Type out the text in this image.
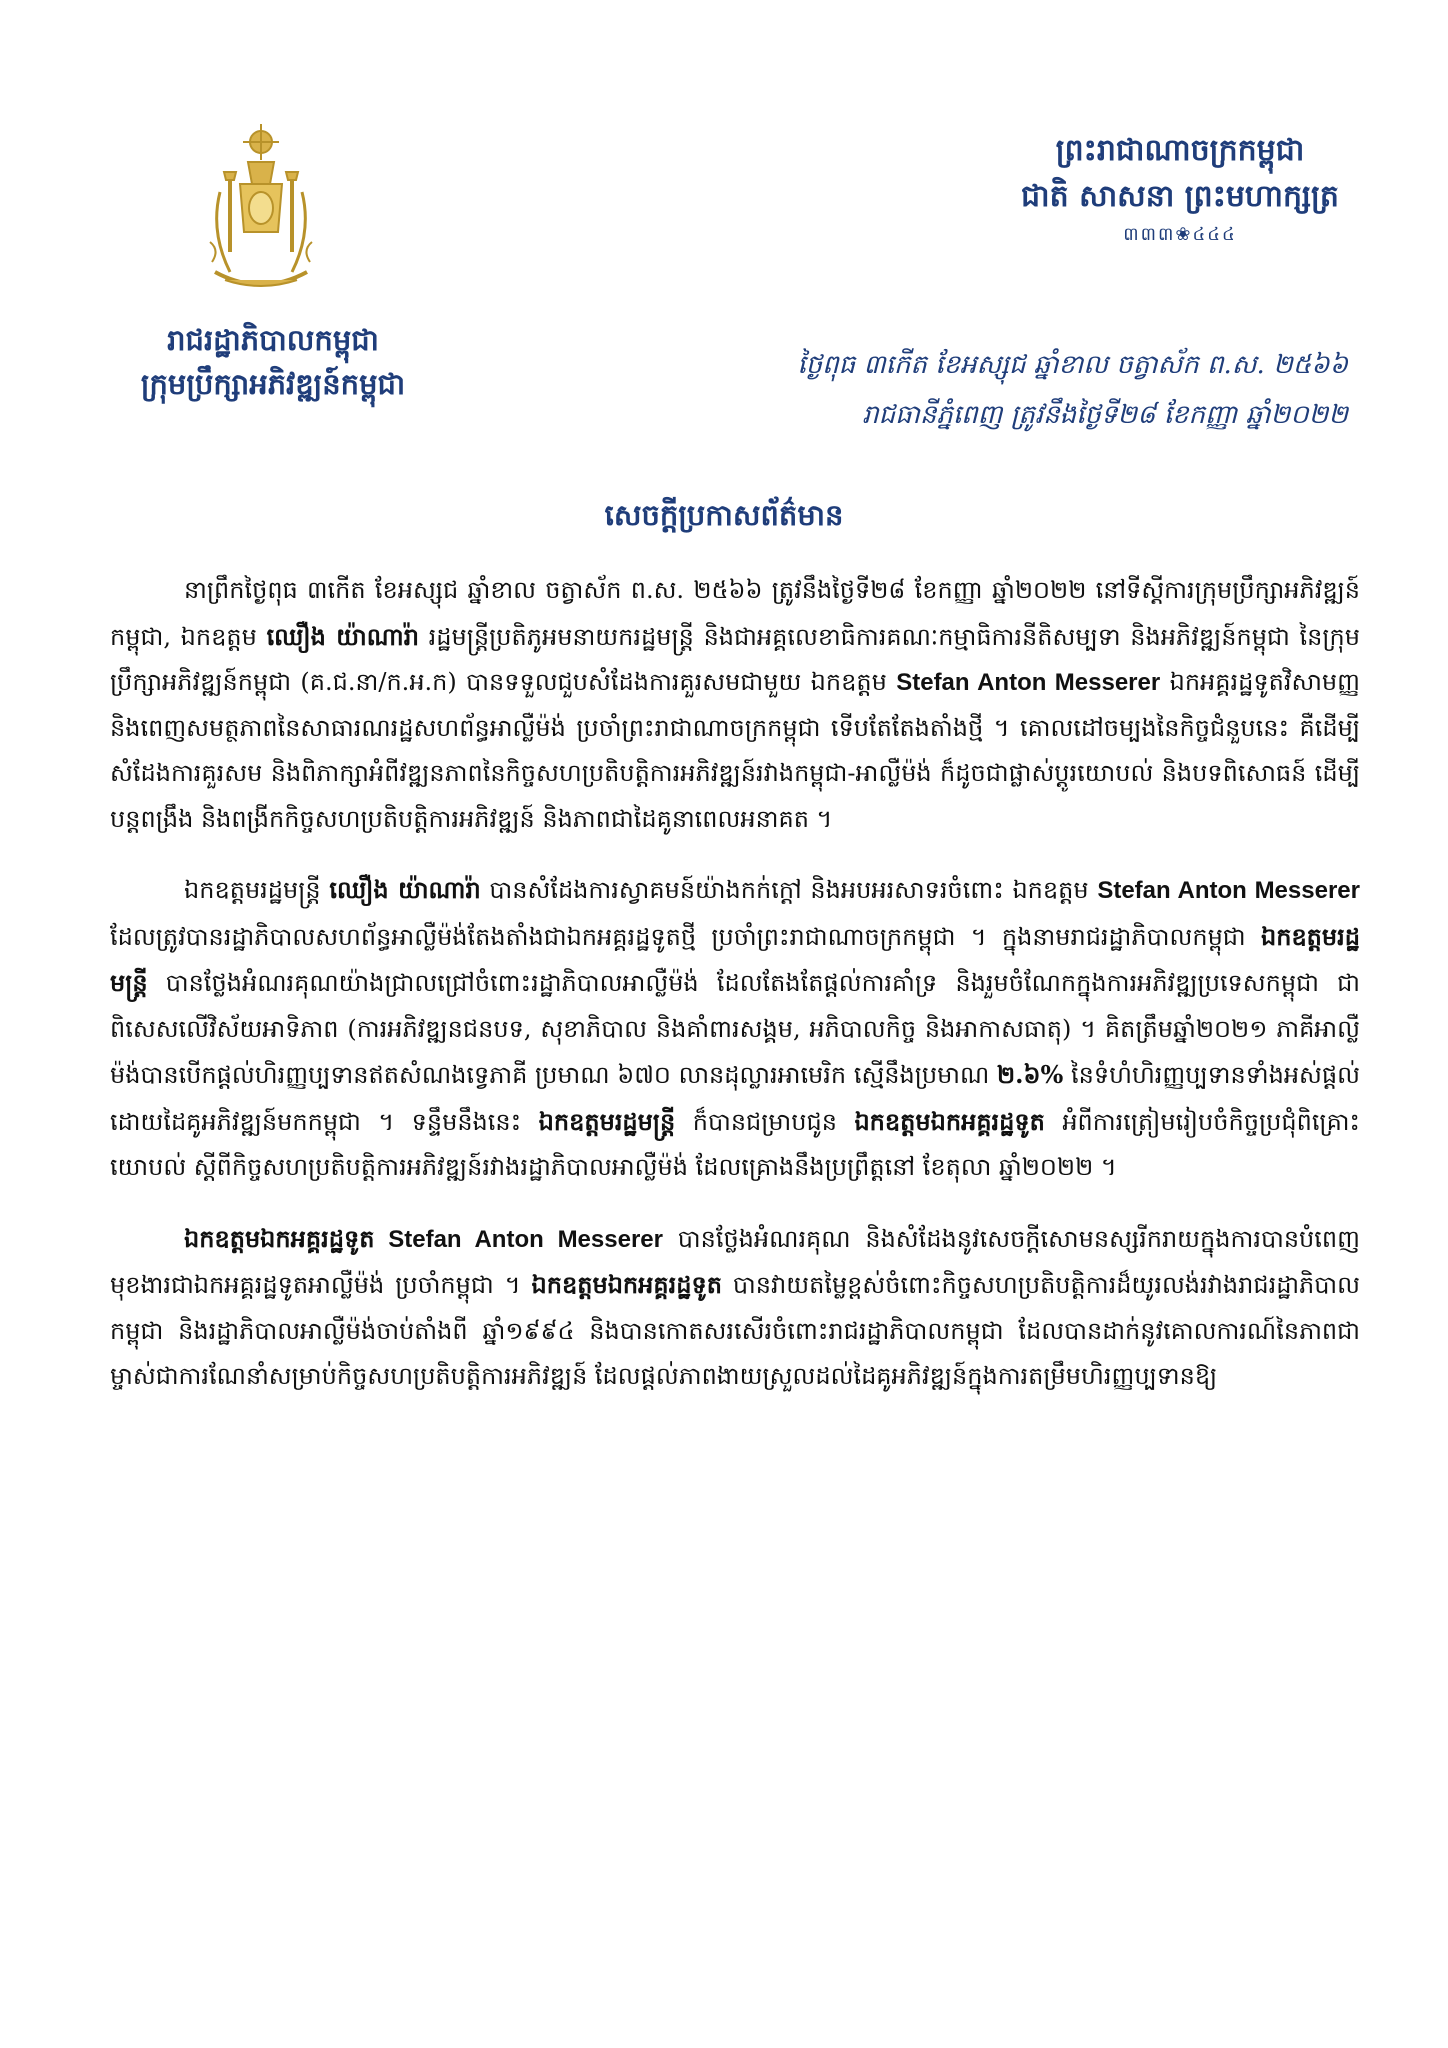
ព្រះរាជាណាចក្រកម្ពុជា
ជាតិ សាសនា ព្រះមហាក្សត្រ
៣៣៣❀៤៤៤
រាជរដ្ឋាភិបាលកម្ពុជា
ក្រុមប្រឹក្សាអភិវឌ្ឍន៍កម្ពុជា
ថ្ងៃពុធ ៣កើត ខែអស្សុជ ឆ្នាំខាល ចត្វាស័ក ព.ស. ២៥៦៦
រាជធានីភ្នំពេញ ត្រូវនឹងថ្ងៃទី២៨ ខែកញ្ញា ឆ្នាំ២០២២
សេចក្តីប្រកាសព័ត៌មាន

នាព្រឹកថ្ងៃពុធ ៣កើត ខែអស្សុជ ឆ្នាំខាល ចត្វាស័ក ព.ស. ២៥៦៦ ត្រូវនឹងថ្ងៃទី២៨ ខែកញ្ញា ឆ្នាំ២០២២ នៅទីស្តីការក្រុមប្រឹក្សាអភិវឌ្ឍន៍កម្ពុជា, ឯកឧត្តម ឈឿង យ៉ាណារ៉ា រដ្ឋមន្ត្រីប្រតិភូអមនាយករដ្ឋមន្ត្រី និងជាអគ្គលេខាធិការគណៈកម្មាធិការនីតិសម្បទា និងអភិវឌ្ឍន៍កម្ពុជា នៃក្រុមប្រឹក្សាអភិវឌ្ឍន៍កម្ពុជា (គ.ជ.នា/ក.អ.ក) បានទទួលជួបសំដែងការគួរសមជាមួយ ឯកឧត្តម Stefan Anton Messerer ឯកអគ្គរដ្ឋទូតវិសាមញ្ញ និងពេញសមត្ថភាពនៃសាធារណរដ្ឋសហព័ន្ធអាល្លឺម៉ង់ ប្រចាំព្រះរាជាណាចក្រកម្ពុជា ទើបតែតែងតាំងថ្មី ។ គោលដៅចម្បងនៃកិច្ចជំនួបនេះ គឺដើម្បីសំដែងការគួរសម និងពិភាក្សាអំពីវឌ្ឍនភាពនៃកិច្ចសហប្រតិបត្តិការអភិវឌ្ឍន៍រវាងកម្ពុជា-អាល្លឺម៉ង់ ក៏ដូចជាផ្លាស់ប្តូរយោបល់ និងបទពិសោធន៍ ដើម្បីបន្តពង្រឹង និងពង្រីកកិច្ចសហប្រតិបត្តិការអភិវឌ្ឍន៍ និងភាពជាដៃគូនាពេលអនាគត ។

ឯកឧត្តមរដ្ឋមន្ត្រី ឈឿង យ៉ាណារ៉ា បានសំដែងការស្វាគមន៍យ៉ាងកក់ក្តៅ និងអបអរសាទរចំពោះ ឯកឧត្តម Stefan Anton Messerer ដែលត្រូវបានរដ្ឋាភិបាលសហព័ន្ធអាល្លឺម៉ង់តែងតាំងជាឯកអគ្គរដ្ឋទូតថ្មី ប្រចាំព្រះរាជាណាចក្រកម្ពុជា ។ ក្នុងនាមរាជរដ្ឋាភិបាលកម្ពុជា ឯកឧត្តមរដ្ឋមន្ត្រី បានថ្លែងអំណរគុណយ៉ាងជ្រាលជ្រៅចំពោះរដ្ឋាភិបាលអាល្លឺម៉ង់ ដែលតែងតែផ្តល់ការគាំទ្រ និងរួមចំណែកក្នុងការអភិវឌ្ឍប្រទេសកម្ពុជា ជាពិសេសលើវិស័យអាទិភាព (ការអភិវឌ្ឍនជនបទ, សុខាភិបាល និងគាំពារសង្គម, អភិបាលកិច្ច និងអាកាសធាតុ) ។ គិតត្រឹមឆ្នាំ២០២១ ភាគីអាល្លឺម៉ង់បានបើកផ្តល់ហិរញ្ញប្បទានឥតសំណងទ្វេភាគី ប្រមាណ ៦៧០ លានដុល្លារអាមេរិក ស្មើនឹងប្រមាណ ២.៦% នៃទំហំហិរញ្ញប្បទានទាំងអស់ផ្តល់ដោយដៃគូអភិវឌ្ឍន៍មកកម្ពុជា ។ ទន្ទឹមនឹងនេះ ឯកឧត្តមរដ្ឋមន្ត្រី ក៏បានជម្រាបជូន ឯកឧត្តមឯកអគ្គរដ្ឋទូត អំពីការត្រៀមរៀបចំកិច្ចប្រជុំពិគ្រោះយោបល់ ស្តីពីកិច្ចសហប្រតិបត្តិការអភិវឌ្ឍន៍រវាងរដ្ឋាភិបាលអាល្លឺម៉ង់ ដែលគ្រោងនឹងប្រព្រឹត្តនៅ ខែតុលា ឆ្នាំ២០២២ ។

ឯកឧត្តមឯកអគ្គរដ្ឋទូត Stefan Anton Messerer បានថ្លែងអំណរគុណ និងសំដែងនូវសេចក្តីសោមនស្សរីករាយក្នុងការបានបំពេញមុខងារជាឯកអគ្គរដ្ឋទូតអាល្លឺម៉ង់ ប្រចាំកម្ពុជា ។ ឯកឧត្តមឯកអគ្គរដ្ឋទូត បានវាយតម្លៃខ្ពស់ចំពោះកិច្ចសហប្រតិបត្តិការដ៏យូរលង់រវាងរាជរដ្ឋាភិបាលកម្ពុជា និងរដ្ឋាភិបាលអាល្លឺម៉ង់ចាប់តាំងពី ឆ្នាំ១៩៩៤ និងបានកោតសរសើរចំពោះរាជរដ្ឋាភិបាលកម្ពុជា ដែលបានដាក់នូវគោលការណ៍នៃភាពជាម្ចាស់ជាការណែនាំសម្រាប់កិច្ចសហប្រតិបត្តិការអភិវឌ្ឍន៍ ដែលផ្តល់ភាពងាយស្រួលដល់ដៃគូអភិវឌ្ឍន៍ក្នុងការតម្រឹមហិរញ្ញប្បទានឱ្យ
